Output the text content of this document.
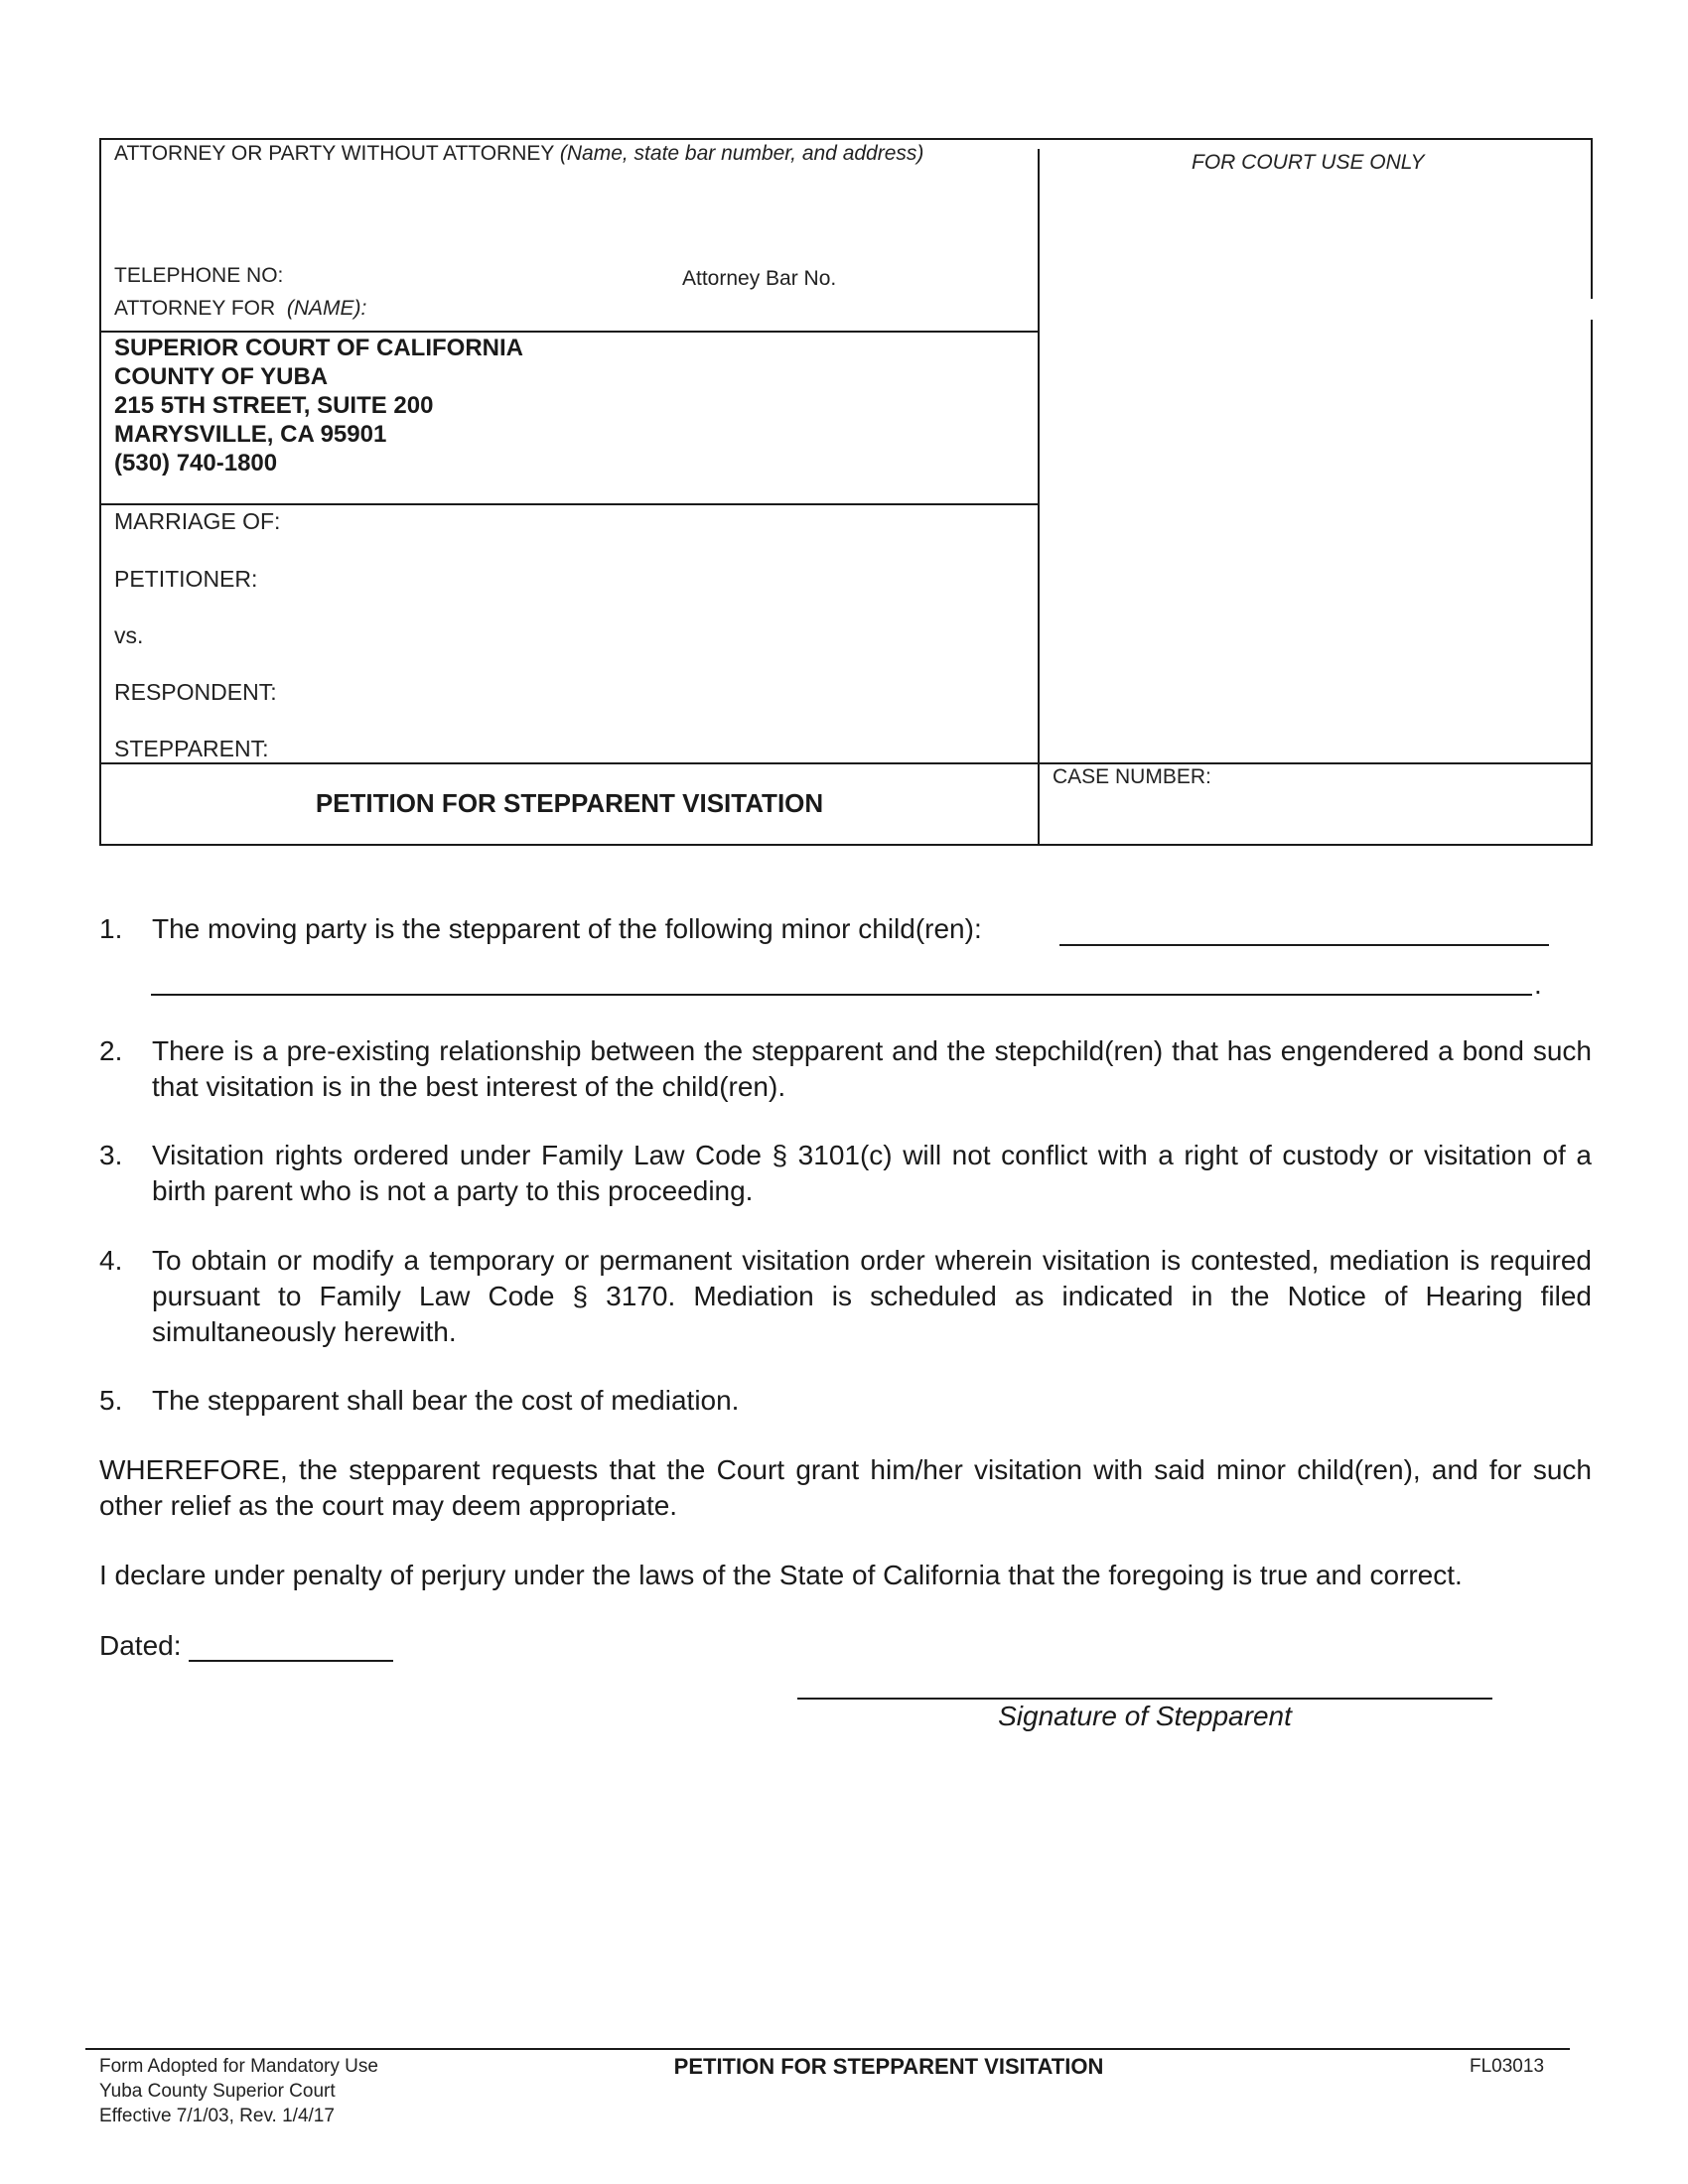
ATTORNEY OR PARTY WITHOUT ATTORNEY (Name, state bar number, and address)	FOR COURT USE ONLY
TELEPHONE NO:	Attorney Bar No.
ATTORNEY FOR (NAME):
SUPERIOR COURT OF CALIFORNIA
COUNTY OF YUBA
215 5TH STREET, SUITE 200
MARYSVILLE, CA 95901
(530) 740-1800
MARRIAGE OF:
PETITIONER:
vs.
RESPONDENT:
STEPPARENT:
PETITION FOR STEPPARENT VISITATION
CASE NUMBER:
1. The moving party is the stepparent of the following minor child(ren):
.
2. There is a pre-existing relationship between the stepparent and the stepchild(ren) that has engendered a bond such that visitation is in the best interest of the child(ren).
3. Visitation rights ordered under Family Law Code § 3101(c) will not conflict with a right of custody or visitation of a birth parent who is not a party to this proceeding.
4. To obtain or modify a temporary or permanent visitation order wherein visitation is contested, mediation is required pursuant to Family Law Code § 3170. Mediation is scheduled as indicated in the Notice of Hearing filed simultaneously herewith.
5. The stepparent shall bear the cost of mediation.
WHEREFORE, the stepparent requests that the Court grant him/her visitation with said minor child(ren), and for such other relief as the court may deem appropriate.
I declare under penalty of perjury under the laws of the State of California that the foregoing is true and correct.
Dated:
Signature of Stepparent
Form Adopted for Mandatory Use
Yuba County Superior Court
Effective 7/1/03, Rev. 1/4/17
PETITION FOR STEPPARENT VISITATION	FL03013
